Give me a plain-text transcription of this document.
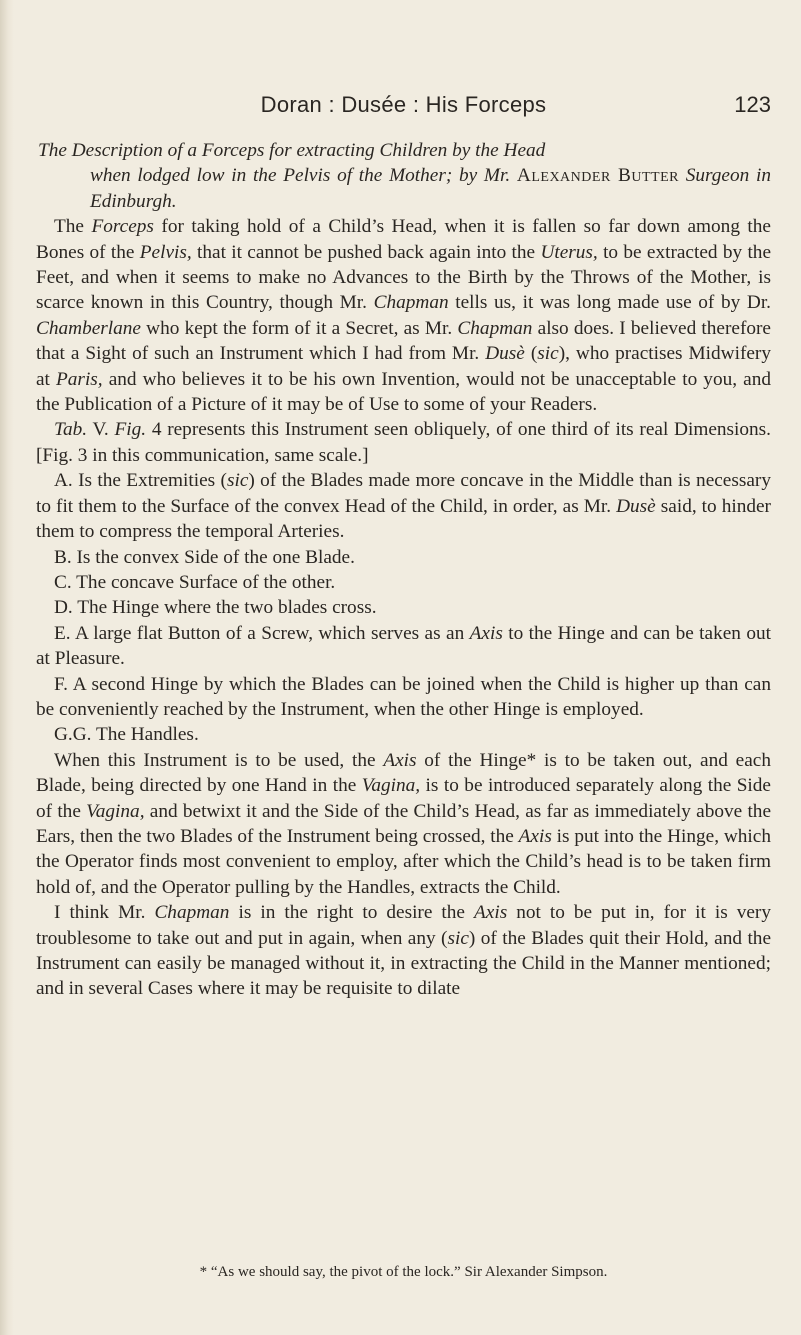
Doran : Dusée : His Forceps	123

The Description of a Forceps for extracting Children by the Head
when lodged low in the Pelvis of the Mother; by Mr. Alexander Butter Surgeon in Edinburgh.

The Forceps for taking hold of a Child’s Head, when it is fallen so far down among the Bones of the Pelvis, that it cannot be pushed back again into the Uterus, to be extracted by the Feet, and when it seems to make no Advances to the Birth by the Throws of the Mother, is scarce known in this Country, though Mr. Chapman tells us, it was long made use of by Dr. Chamberlane who kept the form of it a Secret, as Mr. Chapman also does. I believed therefore that a Sight of such an Instrument which I had from Mr. Dusè (sic), who practises Midwifery at Paris, and who believes it to be his own Invention, would not be unacceptable to you, and the Publication of a Picture of it may be of Use to some of your Readers.

Tab. V. Fig. 4 represents this Instrument seen obliquely, of one third of its real Dimensions. [Fig. 3 in this communication, same scale.]

A. Is the Extremities (sic) of the Blades made more concave in the Middle than is necessary to fit them to the Surface of the convex Head of the Child, in order, as Mr. Dusè said, to hinder them to compress the temporal Arteries.

B. Is the convex Side of the one Blade.

C. The concave Surface of the other.

D. The Hinge where the two blades cross.

E. A large flat Button of a Screw, which serves as an Axis to the Hinge and can be taken out at Pleasure.

F. A second Hinge by which the Blades can be joined when the Child is higher up than can be conveniently reached by the Instrument, when the other Hinge is employed.

G.G. The Handles.

When this Instrument is to be used, the Axis of the Hinge* is to be taken out, and each Blade, being directed by one Hand in the Vagina, is to be introduced separately along the Side of the Vagina, and betwixt it and the Side of the Child’s Head, as far as immediately above the Ears, then the two Blades of the Instrument being crossed, the Axis is put into the Hinge, which the Operator finds most convenient to employ, after which the Child’s head is to be taken firm hold of, and the Operator pulling by the Handles, extracts the Child.

I think Mr. Chapman is in the right to desire the Axis not to be put in, for it is very troublesome to take out and put in again, when any (sic) of the Blades quit their Hold, and the Instrument can easily be managed without it, in extracting the Child in the Manner mentioned; and in several Cases where it may be requisite to dilate

* “As we should say, the pivot of the lock.” Sir Alexander Simpson.
